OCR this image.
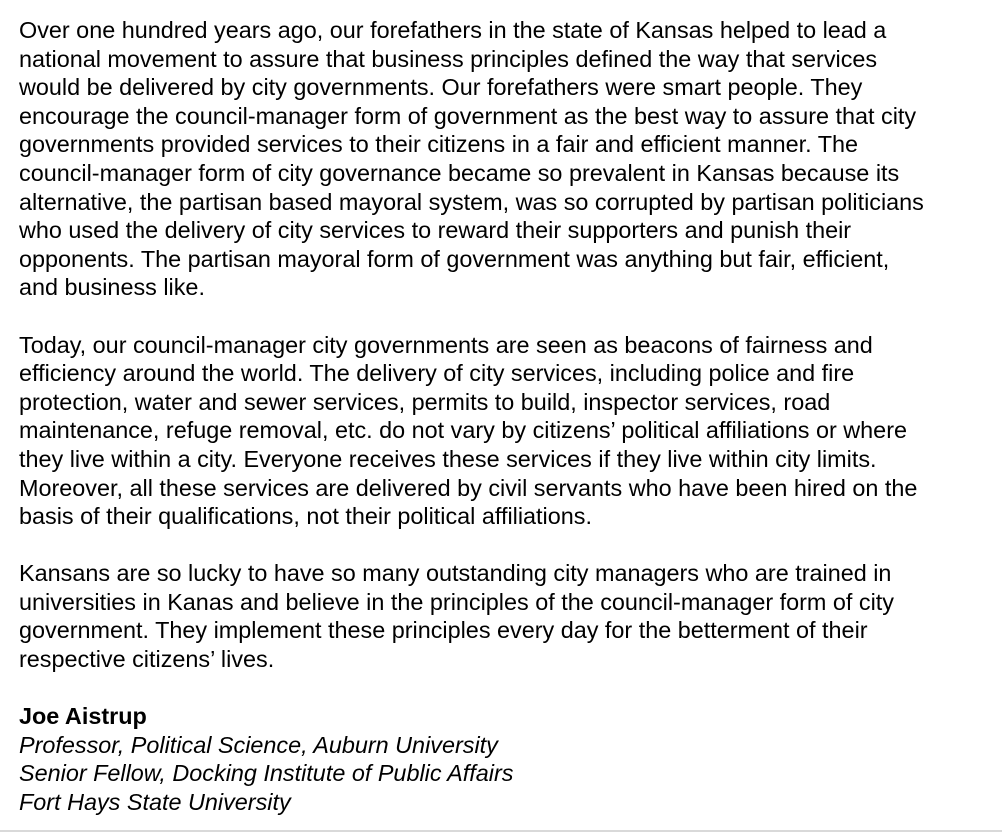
Over one hundred years ago, our forefathers in the state of Kansas helped to lead a
national movement to assure that business principles defined the way that services
would be delivered by city governments. Our forefathers were smart people. They
encourage the council-manager form of government as the best way to assure that city
governments provided services to their citizens in a fair and efficient manner. The
council-manager form of city governance became so prevalent in Kansas because its
alternative, the partisan based mayoral system, was so corrupted by partisan politicians
who used the delivery of city services to reward their supporters and punish their
opponents. The partisan mayoral form of government was anything but fair, efficient,
and business like.
Today, our council-manager city governments are seen as beacons of fairness and
efficiency around the world. The delivery of city services, including police and fire
protection, water and sewer services, permits to build, inspector services, road
maintenance, refuge removal, etc. do not vary by citizens’ political affiliations or where
they live within a city. Everyone receives these services if they live within city limits.
Moreover, all these services are delivered by civil servants who have been hired on the
basis of their qualifications, not their political affiliations.
Kansans are so lucky to have so many outstanding city managers who are trained in
universities in Kanas and believe in the principles of the council-manager form of city
government. They implement these principles every day for the betterment of their
respective citizens’ lives.
Joe Aistrup
Professor, Political Science, Auburn University
Senior Fellow, Docking Institute of Public Affairs
Fort Hays State University
